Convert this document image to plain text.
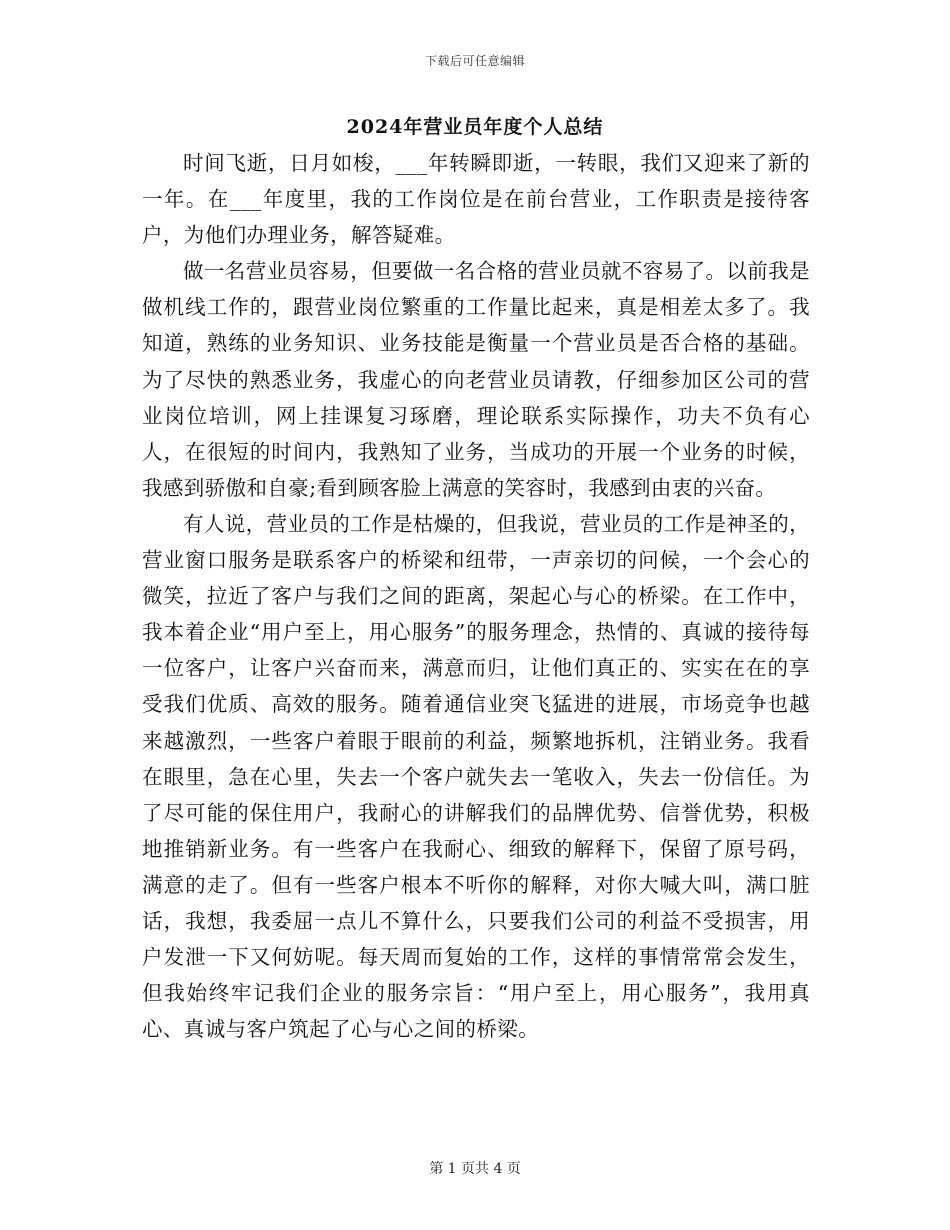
下载后可任意编辑
2024年营业员年度个人总结

时间飞逝，日月如梭，___年转瞬即逝，一转眼，我们又迎来了新的一年。在___年度里，我的工作岗位是在前台营业，工作职责是接待客户，为他们办理业务，解答疑难。

做一名营业员容易，但要做一名合格的营业员就不容易了。以前我是做机线工作的，跟营业岗位繁重的工作量比起来，真是相差太多了。我知道，熟练的业务知识、业务技能是衡量一个营业员是否合格的基础。为了尽快的熟悉业务，我虚心的向老营业员请教，仔细参加区公司的营业岗位培训，网上挂课复习琢磨，理论联系实际操作，功夫不负有心人，在很短的时间内，我熟知了业务，当成功的开展一个业务的时候，我感到骄傲和自豪;看到顾客脸上满意的笑容时，我感到由衷的兴奋。

有人说，营业员的工作是枯燥的，但我说，营业员的工作是神圣的，营业窗口服务是联系客户的桥梁和纽带，一声亲切的问候，一个会心的微笑，拉近了客户与我们之间的距离，架起心与心的桥梁。在工作中，我本着企业“用户至上，用心服务”的服务理念，热情的、真诚的接待每一位客户，让客户兴奋而来，满意而归，让他们真正的、实实在在的享受我们优质、高效的服务。随着通信业突飞猛进的进展，市场竞争也越来越激烈，一些客户着眼于眼前的利益，频繁地拆机，注销业务。我看在眼里，急在心里，失去一个客户就失去一笔收入，失去一份信任。为了尽可能的保住用户，我耐心的讲解我们的品牌优势、信誉优势，积极地推销新业务。有一些客户在我耐心、细致的解释下，保留了原号码，满意的走了。但有一些客户根本不听你的解释，对你大喊大叫，满口脏话，我想，我委屈一点儿不算什么，只要我们公司的利益不受损害，用户发泄一下又何妨呢。每天周而复始的工作，这样的事情常常会发生，但我始终牢记我们企业的服务宗旨：“用户至上，用心服务”，我用真心、真诚与客户筑起了心与心之间的桥梁。

第 1 页共 4 页
